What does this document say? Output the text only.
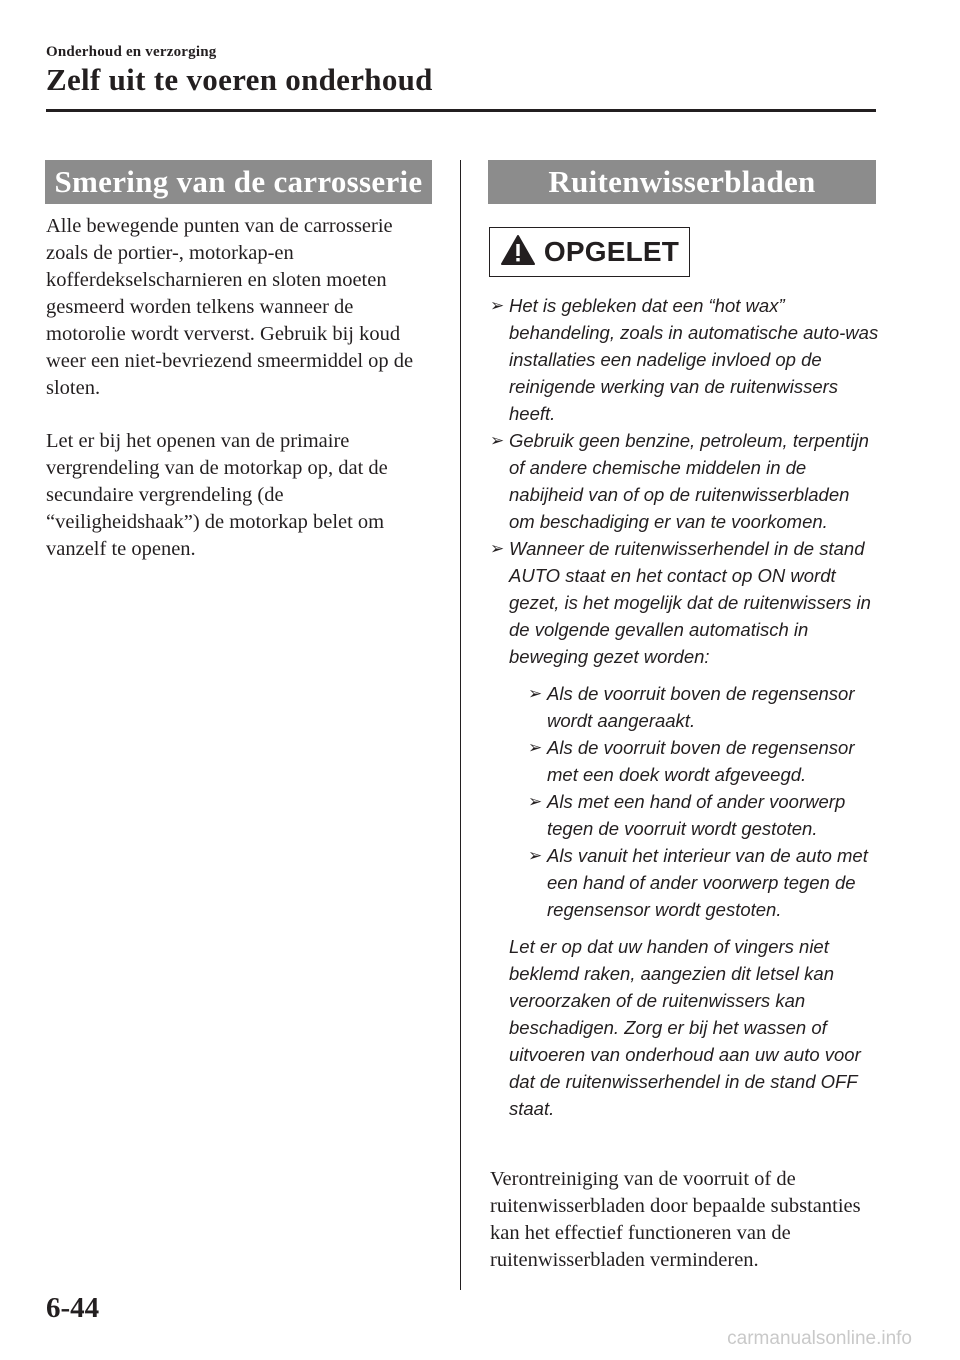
Onderhoud en verzorging
Zelf uit te voeren onderhoud
Smering van de carrosserie

Alle bewegende punten van de carrosserie zoals de portier-, motorkap-en kofferdekselscharnieren en sloten moeten gesmeerd worden telkens wanneer de motorolie wordt ververst. Gebruik bij koud weer een niet-bevriezend smeermiddel op de sloten.

Let er bij het openen van de primaire vergrendeling van de motorkap op, dat de secundaire vergrendeling (de “veiligheidshaak”) de motorkap belet om vanzelf te openen.

Ruitenwisserbladen
OPGELET
➢ Het is gebleken dat een “hot wax” behandeling, zoals in automatische auto-was installaties een nadelige invloed op de reinigende werking van de ruitenwissers heeft.
➢ Gebruik geen benzine, petroleum, terpentijn of andere chemische middelen in de nabijheid van of op de ruitenwisserbladen om beschadiging er van te voorkomen.
➢ Wanneer de ruitenwisserhendel in de stand AUTO staat en het contact op ON wordt gezet, is het mogelijk dat de ruitenwissers in de volgende gevallen automatisch in beweging gezet worden:
➢ Als de voorruit boven de regensensor wordt aangeraakt.
➢ Als de voorruit boven de regensensor met een doek wordt afgeveegd.
➢ Als met een hand of ander voorwerp tegen de voorruit wordt gestoten.
➢ Als vanuit het interieur van de auto met een hand of ander voorwerp tegen de regensensor wordt gestoten.
Let er op dat uw handen of vingers niet beklemd raken, aangezien dit letsel kan veroorzaken of de ruitenwissers kan beschadigen. Zorg er bij het wassen of uitvoeren van onderhoud aan uw auto voor dat de ruitenwisserhendel in de stand OFF staat.

Verontreiniging van de voorruit of de ruitenwisserbladen door bepaalde substanties kan het effectief functioneren van de ruitenwisserbladen verminderen.

6-44
carmanualsonline.info
